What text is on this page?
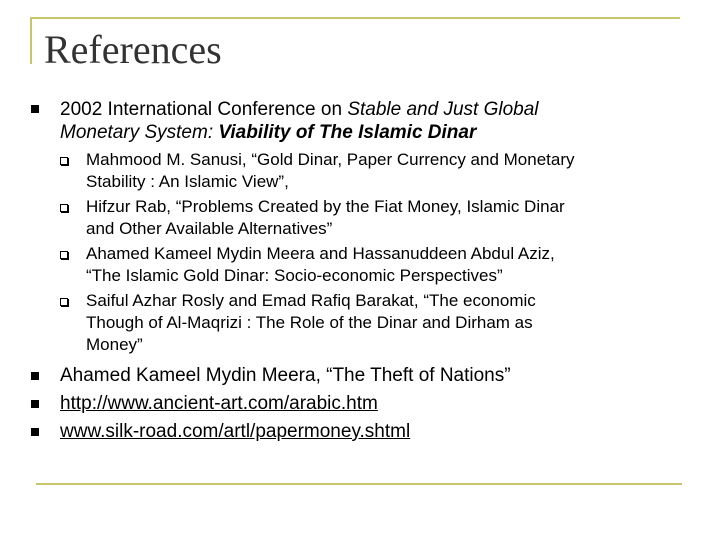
References
2002 International Conference on Stable and Just Global
Monetary System: Viability of The Islamic Dinar
Mahmood M. Sanusi, “Gold Dinar, Paper Currency and Monetary
Stability : An Islamic View”,
Hifzur Rab, “Problems Created by the Fiat Money, Islamic Dinar
and Other Available Alternatives”
Ahamed Kameel Mydin Meera and Hassanuddeen Abdul Aziz,
“The Islamic Gold Dinar: Socio-economic Perspectives”
Saiful Azhar Rosly and Emad Rafiq Barakat, “The economic
Though of Al-Maqrizi : The Role of the Dinar and Dirham as
Money”
Ahamed Kameel Mydin Meera, “The Theft of Nations”
http://www.ancient-art.com/arabic.htm
www.silk-road.com/artl/papermoney.shtml
